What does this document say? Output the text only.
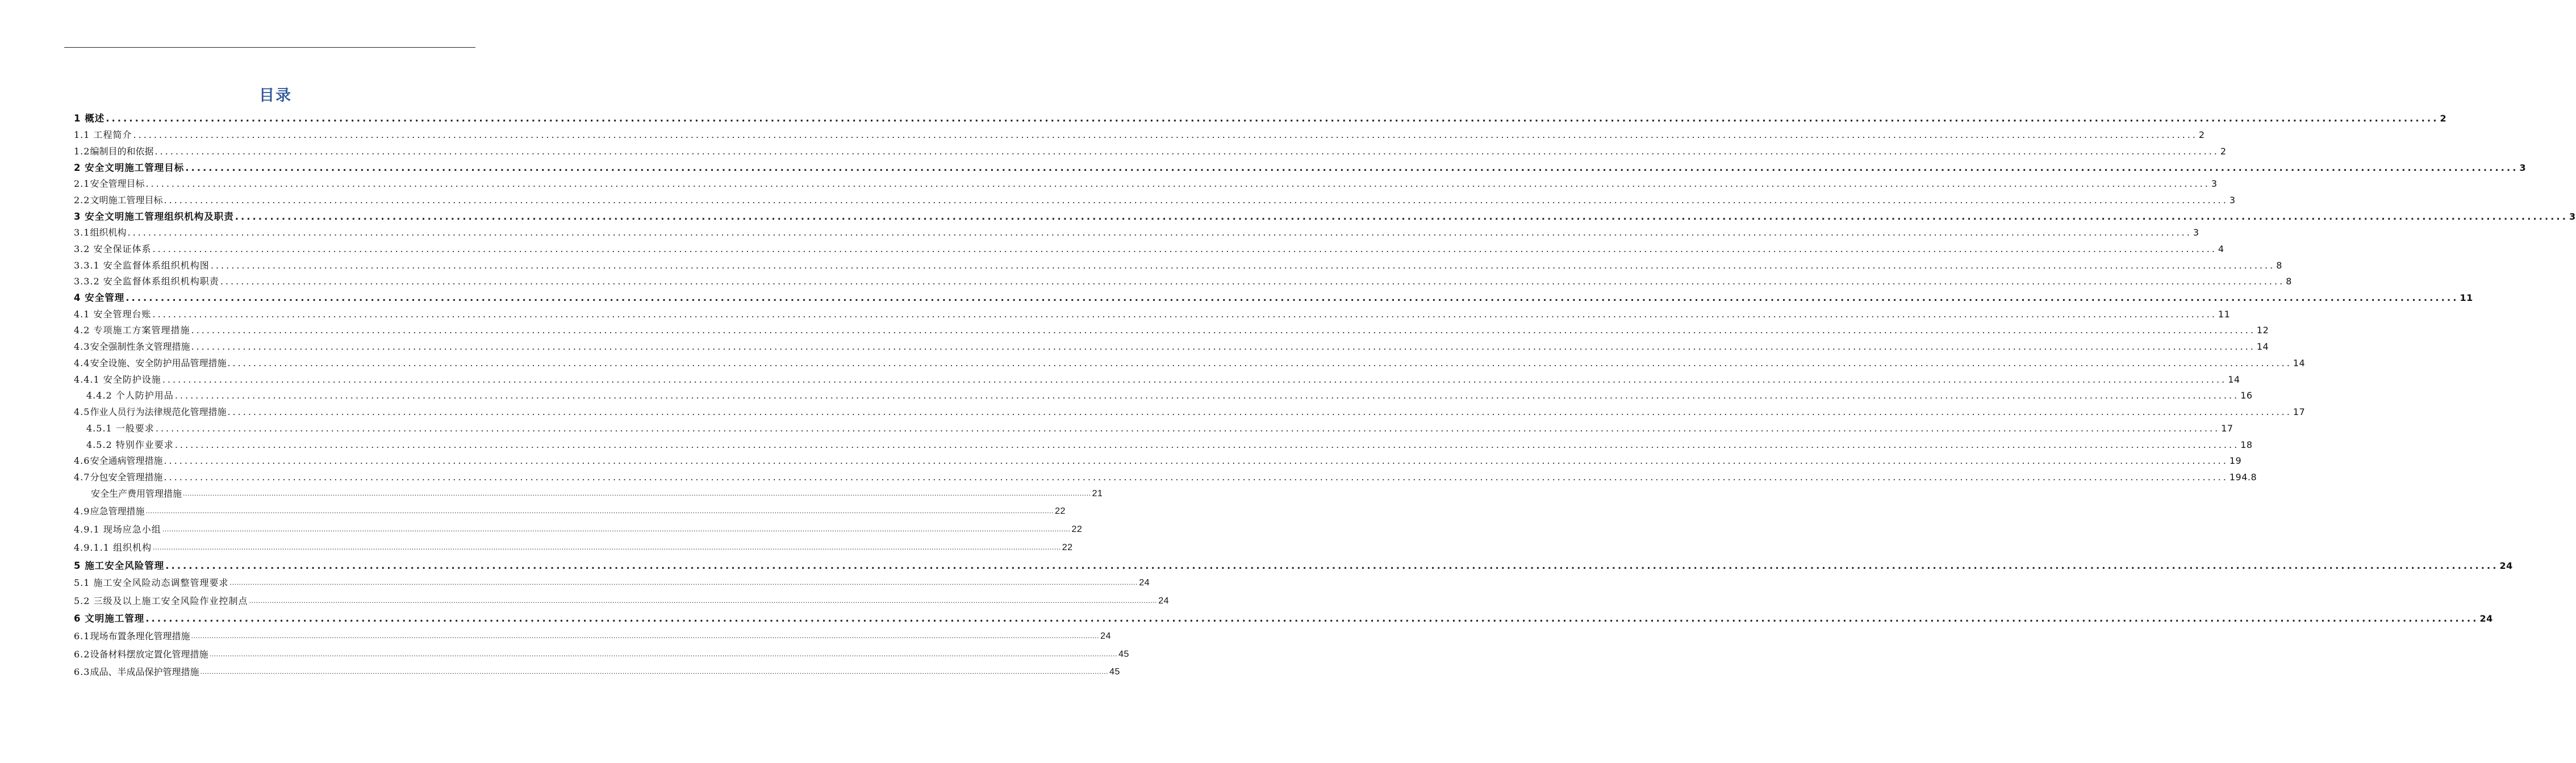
目录
1 概述 ................................................................................................................................................................................................................................................................................................................................................................................................................ 2
1.1 工程简介 ................................................................................................................................................................................................................................................................................................................................................................................................................ 2
1.2 编制目的和依据 ................................................................................................................................................................................................................................................................................................................................................................................................................ 2
2 安全文明施工管理目标 ................................................................................................................................................................................................................................................................................................................................................................................................................ 3
2.1 安全管理目标 ................................................................................................................................................................................................................................................................................................................................................................................................................ 3
2.2 文明施工管理目标 ................................................................................................................................................................................................................................................................................................................................................................................................................ 3
3 安全文明施工管理组织机构及职责 ................................................................................................................................................................................................................................................................................................................................................................................................................ 3
3.1 组织机构 ................................................................................................................................................................................................................................................................................................................................................................................................................ 3
3.2 安全保证体系 ................................................................................................................................................................................................................................................................................................................................................................................................................ 4
3.3.1 安全监督体系组织机构图 ................................................................................................................................................................................................................................................................................................................................................................................................................ 8
3.3.2 安全监督体系组织机构职责 ................................................................................................................................................................................................................................................................................................................................................................................................................ 8
4 安全管理 ................................................................................................................................................................................................................................................................................................................................................................................................................ 11
4.1 安全管理台账 ................................................................................................................................................................................................................................................................................................................................................................................................................ 11
4.2 专项施工方案管理措施 ................................................................................................................................................................................................................................................................................................................................................................................................................ 12
4.3 安全强制性条文管理措施 ................................................................................................................................................................................................................................................................................................................................................................................................................ 14
4.4 安全设施、安全防护用品管理措施 ................................................................................................................................................................................................................................................................................................................................................................................................................ 14
4.4.1 安全防护设施 ................................................................................................................................................................................................................................................................................................................................................................................................................ 14
4.4.2 个人防护用品 ................................................................................................................................................................................................................................................................................................................................................................................................................ 16
4.5 作业人员行为法律规范化管理措施 ................................................................................................................................................................................................................................................................................................................................................................................................................ 17
4.5.1 一般要求 ................................................................................................................................................................................................................................................................................................................................................................................................................ 17
4.5.2 特别作业要求 ................................................................................................................................................................................................................................................................................................................................................................................................................ 18
4.6 安全通病管理措施 ................................................................................................................................................................................................................................................................................................................................................................................................................ 19
4.7 分包安全管理措施 ................................................................................................................................................................................................................................................................................................................................................................................................................ 194.8
安全生产费用管理措施 ................................................................................................................................................................................................................................................................................................................................................................................................................ 21
4.9 应急管理措施 ................................................................................................................................................................................................................................................................................................................................................................................................................ 22
4.9.1 现场应急小组 ................................................................................................................................................................................................................................................................................................................................................................................................................ 22
4.9.1.1 组织机构 ................................................................................................................................................................................................................................................................................................................................................................................................................ 22
5 施工安全风险管理 ................................................................................................................................................................................................................................................................................................................................................................................................................ 24
5.1 施工安全风险动态调整管理要求 ................................................................................................................................................................................................................................................................................................................................................................................................................ 24
5.2 三级及以上施工安全风险作业控制点 ................................................................................................................................................................................................................................................................................................................................................................................................................ 24
6 文明施工管理 ................................................................................................................................................................................................................................................................................................................................................................................................................ 24
6.1 现场布置条理化管理措施 ................................................................................................................................................................................................................................................................................................................................................................................................................ 24
6.2 设备材料摆放定置化管理措施 ................................................................................................................................................................................................................................................................................................................................................................................................................ 45
6.3 成品、半成品保护管理措施 ................................................................................................................................................................................................................................................................................................................................................................................................................ 45
